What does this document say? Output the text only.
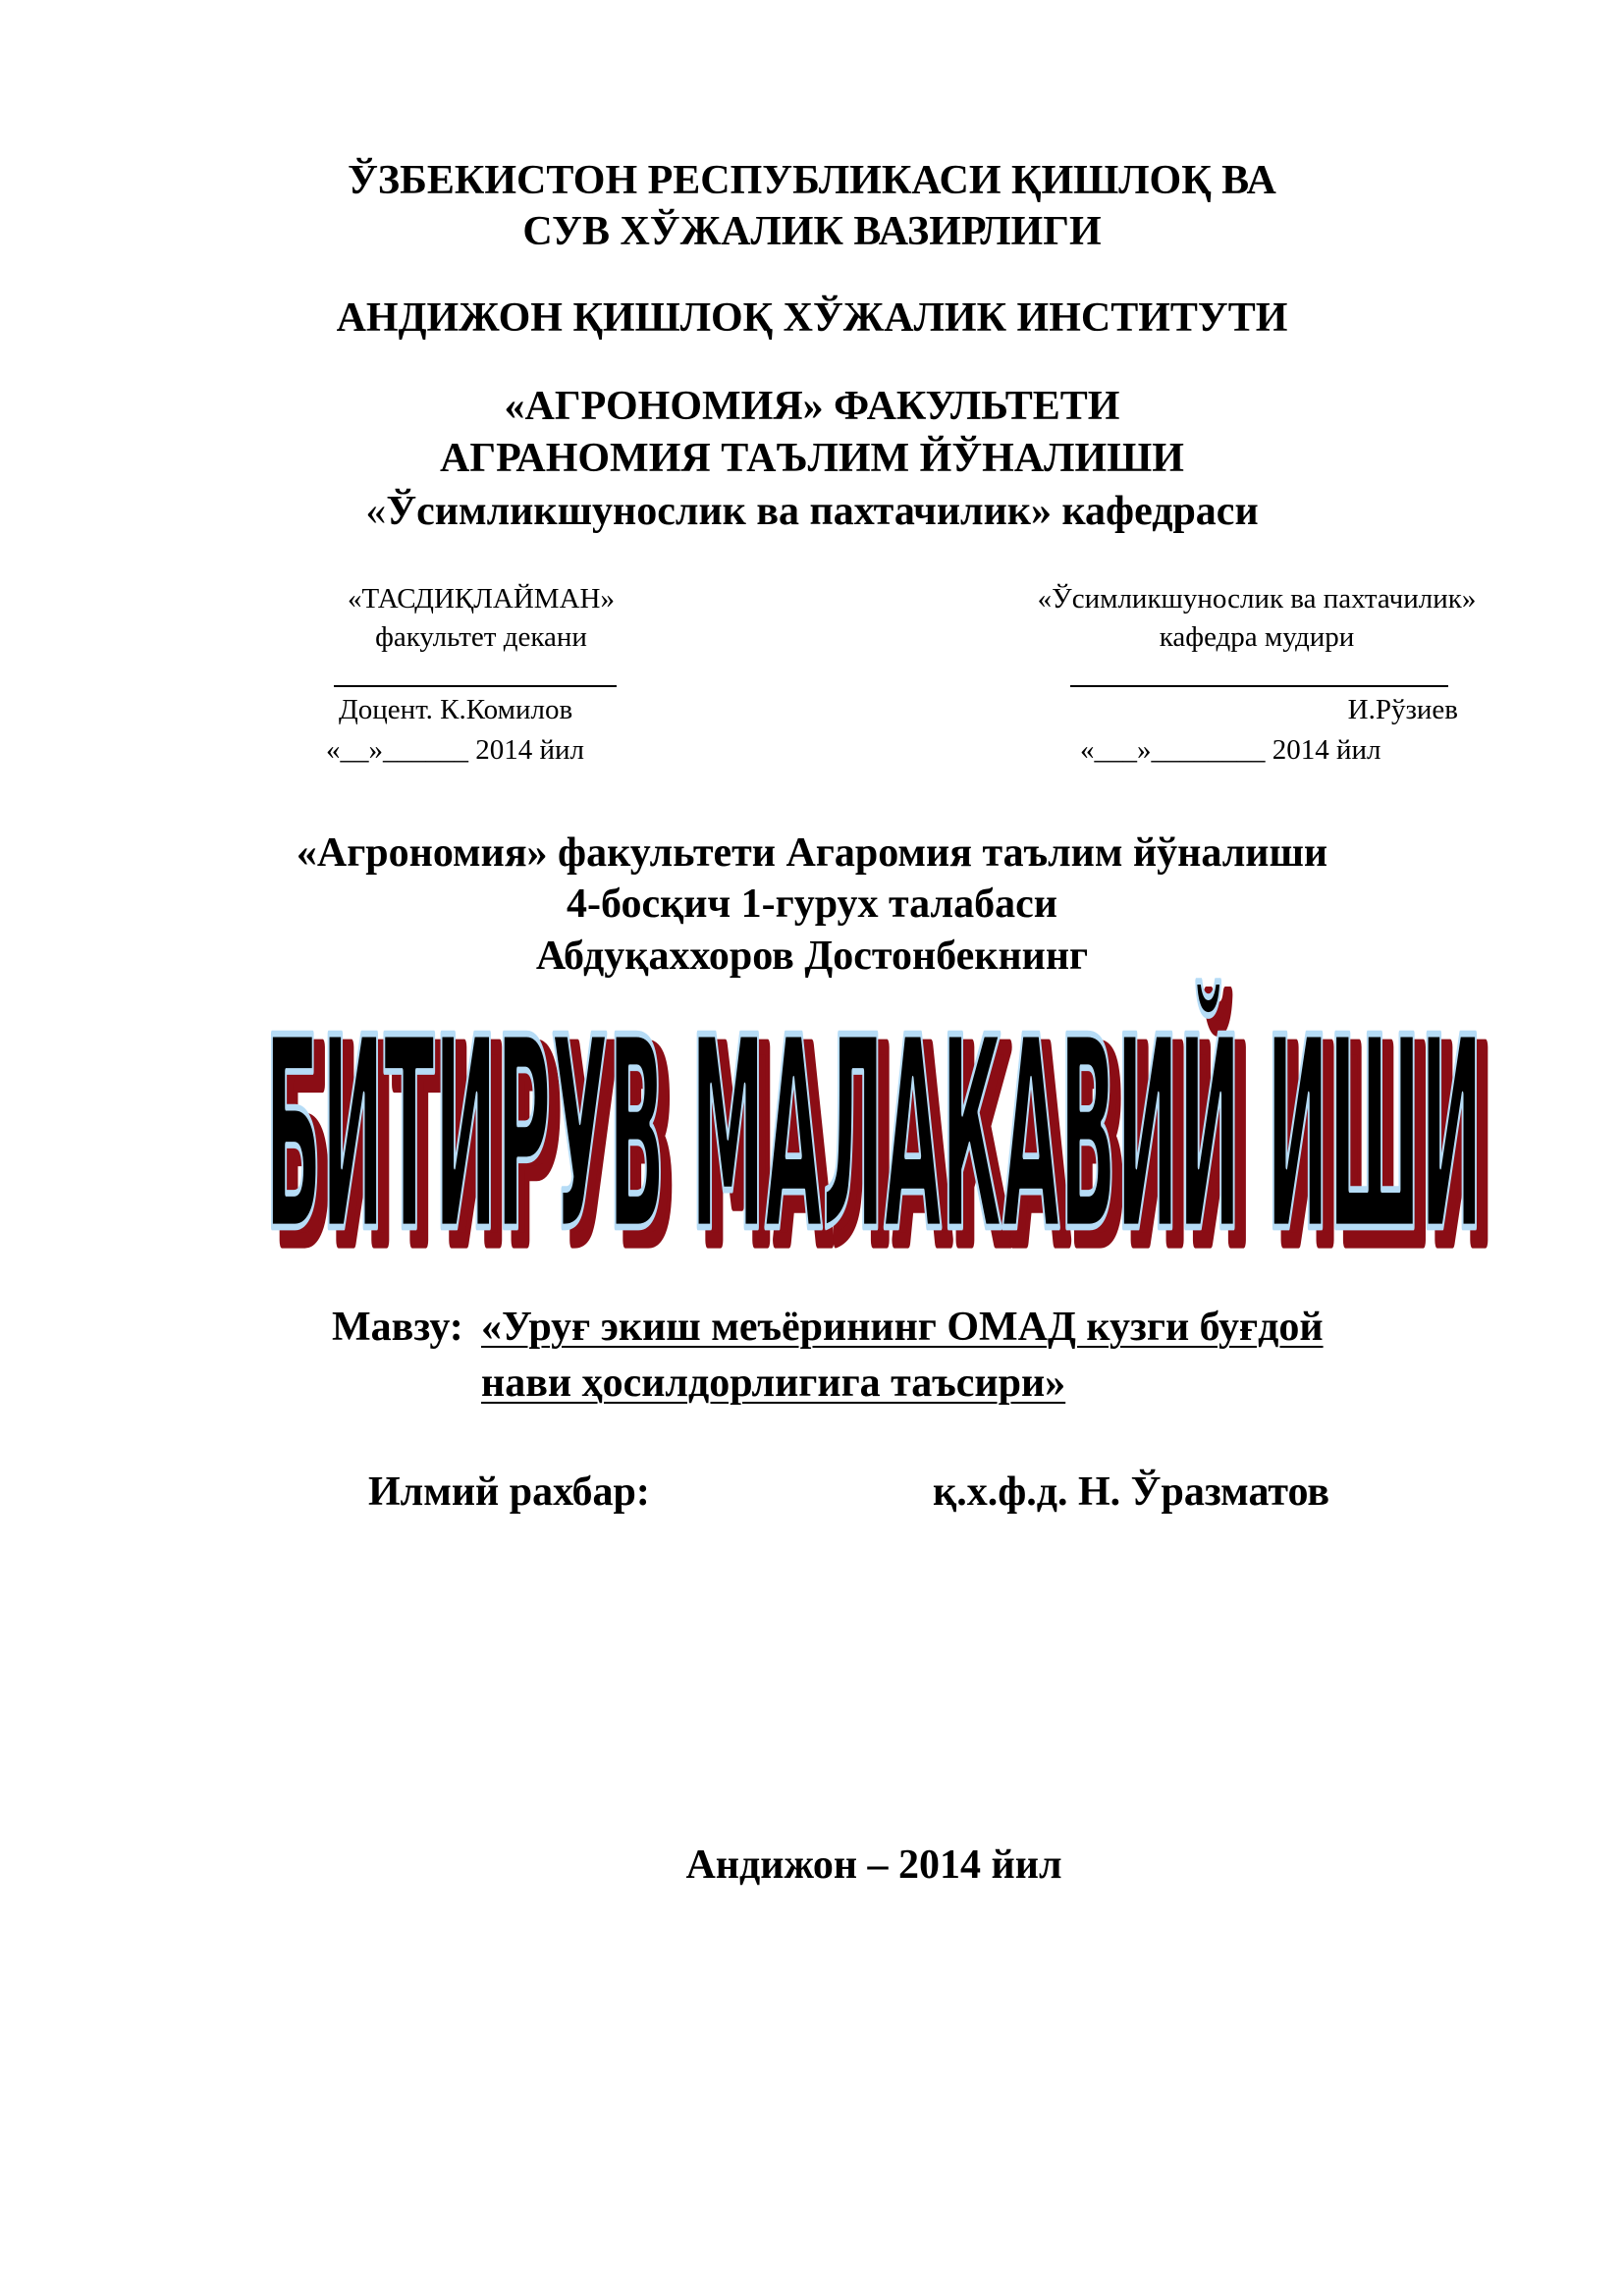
ЎЗБЕКИСТОН РЕСПУБЛИКАСИ ҚИШЛОҚ ВА
СУВ ХЎЖАЛИК ВАЗИРЛИГИ
АНДИЖОН ҚИШЛОҚ ХЎЖАЛИК ИНСТИТУТИ
«АГРОНОМИЯ» ФАКУЛЬТЕТИ
АГРАНОМИЯ ТАЪЛИМ ЙЎНАЛИШИ
«Ўсимликшунослик ва пахтачилик» кафедраси
«ТАСДИҚЛАЙМАН»
факультет декани
Доцент. К.Комилов
«__»______ 2014 йил
«Ўсимликшунослик ва пахтачилик»
кафедра мудири
И.Рўзиев
«___»________ 2014 йил
«Агрономия» факультети Агаромия таълим йўналиши
4-босқич 1-гурух талабаси
Абдуқаххоров Достонбекнинг
БИТИРУВ МАЛАКАВИЙ ИШИ
БИТИРУВ МАЛАКАВИЙ ИШИ
Мавзу: «Уруғ экиш меъёрининг ОМАД кузги буғдой
нави ҳосилдорлигига таъсири»
Илмий рахбар:	қ.х.ф.д. Н. Ўразматов
Андижон – 2014 йил
